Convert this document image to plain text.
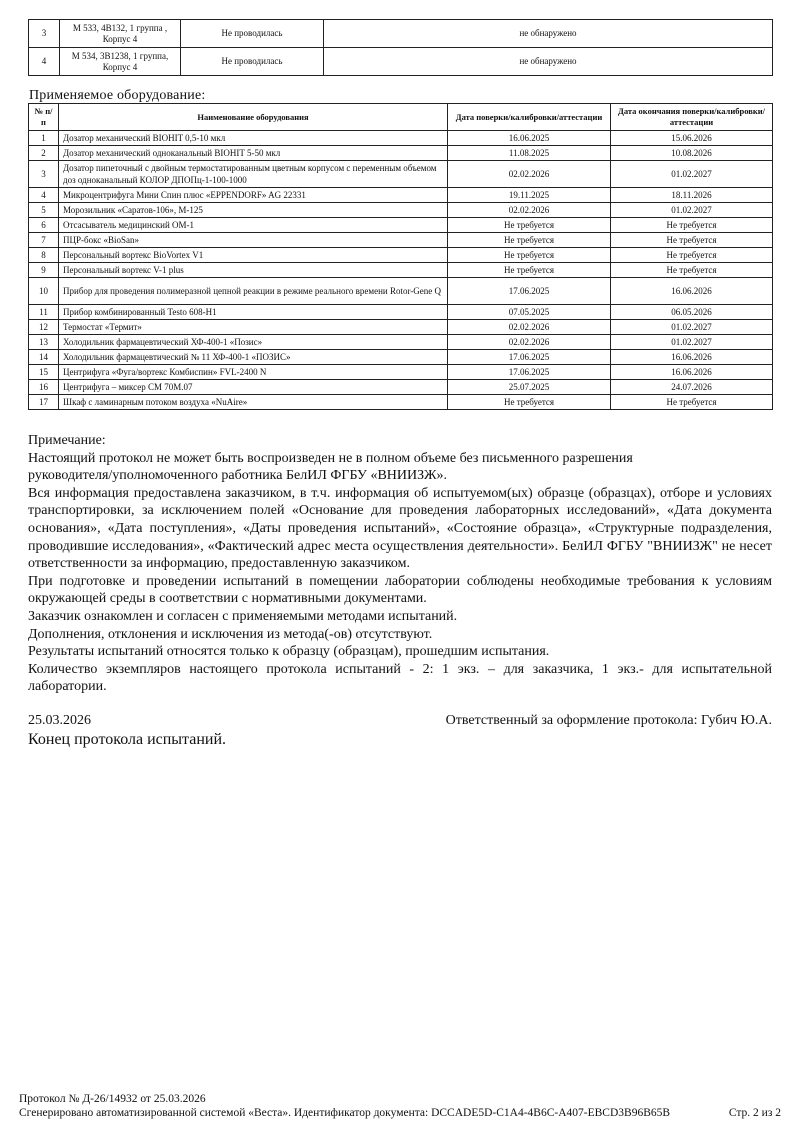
3	М 533, 4В132, 1 группа , Корпус 4	Не проводилась	не обнаружено
4	М 534, 3В1238, 1 группа, Корпус 4	Не проводилась	не обнаружено
Применяемое оборудование:
№ п/п	Наименование оборудования	Дата поверки/калибровки/аттестации	Дата окончания поверки/калибровки/аттестации
1	Дозатор механический BIOHIT 0,5-10 мкл	16.06.2025	15.06.2026
2	Дозатор механический одноканальный BIOHIT 5-50 мкл	11.08.2025	10.08.2026
3	Дозатор пипеточный с двойным термостатированным цветным корпусом с переменным объемом доз одноканальный КОЛОР ДПОПц-1-100-1000	02.02.2026	01.02.2027
4	Микроцентрифуга Мини Спин плюс «EPPENDORF» AG 22331	19.11.2025	18.11.2026
5	Морозильник «Саратов-106», М-125	02.02.2026	01.02.2027
6	Отсасыватель медицинский ОМ-1	Не требуется	Не требуется
7	ПЦР-бокс «BioSan»	Не требуется	Не требуется
8	Персональный вортекс BioVortex V1	Не требуется	Не требуется
9	Персональный вортекс V-1 plus	Не требуется	Не требуется
10	Прибор для проведения полимеразной цепной реакции в режиме реального времени Rotor-Gene Q	17.06.2025	16.06.2026
11	Прибор комбинированный Testo 608-H1	07.05.2025	06.05.2026
12	Термостат «Термит»	02.02.2026	01.02.2027
13	Холодильник фармацевтический ХФ-400-1 «Позис»	02.02.2026	01.02.2027
14	Холодильник фармацевтический № 11 ХФ-400-1 «ПОЗИС»	17.06.2025	16.06.2026
15	Центрифуга «Фуга/вортекс Комбиспин» FVL-2400 N	17.06.2025	16.06.2026
16	Центрифуга – миксер СМ 70М.07	25.07.2025	24.07.2026
17	Шкаф с ламинарным потоком воздуха «NuAire»	Не требуется	Не требуется

Примечание:

Настоящий протокол не может быть воспроизведен не в полном объеме без письменного разрешения руководителя/уполномоченного работника БелИЛ ФГБУ «ВНИИЗЖ».

Вся информация предоставлена заказчиком, в т.ч. информация об испытуемом(ых) образце (образцах), отборе и условиях транспортировки, за исключением полей «Основание для проведения лабораторных исследований», «Дата документа основания», «Дата поступления», «Даты проведения испытаний», «Состояние образца», «Структурные подразделения, проводившие исследования», «Фактический адрес места осуществления деятельности». БелИЛ ФГБУ "ВНИИЗЖ" не несет ответственности за информацию, предоставленную заказчиком.

При подготовке и проведении испытаний в помещении лаборатории соблюдены необходимые требования к условиям окружающей среды в соответствии с нормативными документами.

Заказчик ознакомлен и согласен с применяемыми методами испытаний.

Дополнения, отклонения и исключения из метода(-ов) отсутствуют.

Результаты испытаний относятся только к образцу (образцам), прошедшим испытания.

Количество экземпляров настоящего протокола испытаний - 2: 1 экз. – для заказчика, 1 экз.- для испытательной лаборатории.

25.03.2026	Ответственный за оформление протокола: Губич Ю.А.
Конец протокола испытаний.
Протокол № Д-26/14932 от 25.03.2026
Сгенерировано автоматизированной системой «Веста». Идентификатор документа: DCCADE5D-C1A4-4B6C-A407-EBCD3B96B65B	Стр. 2 из 2
